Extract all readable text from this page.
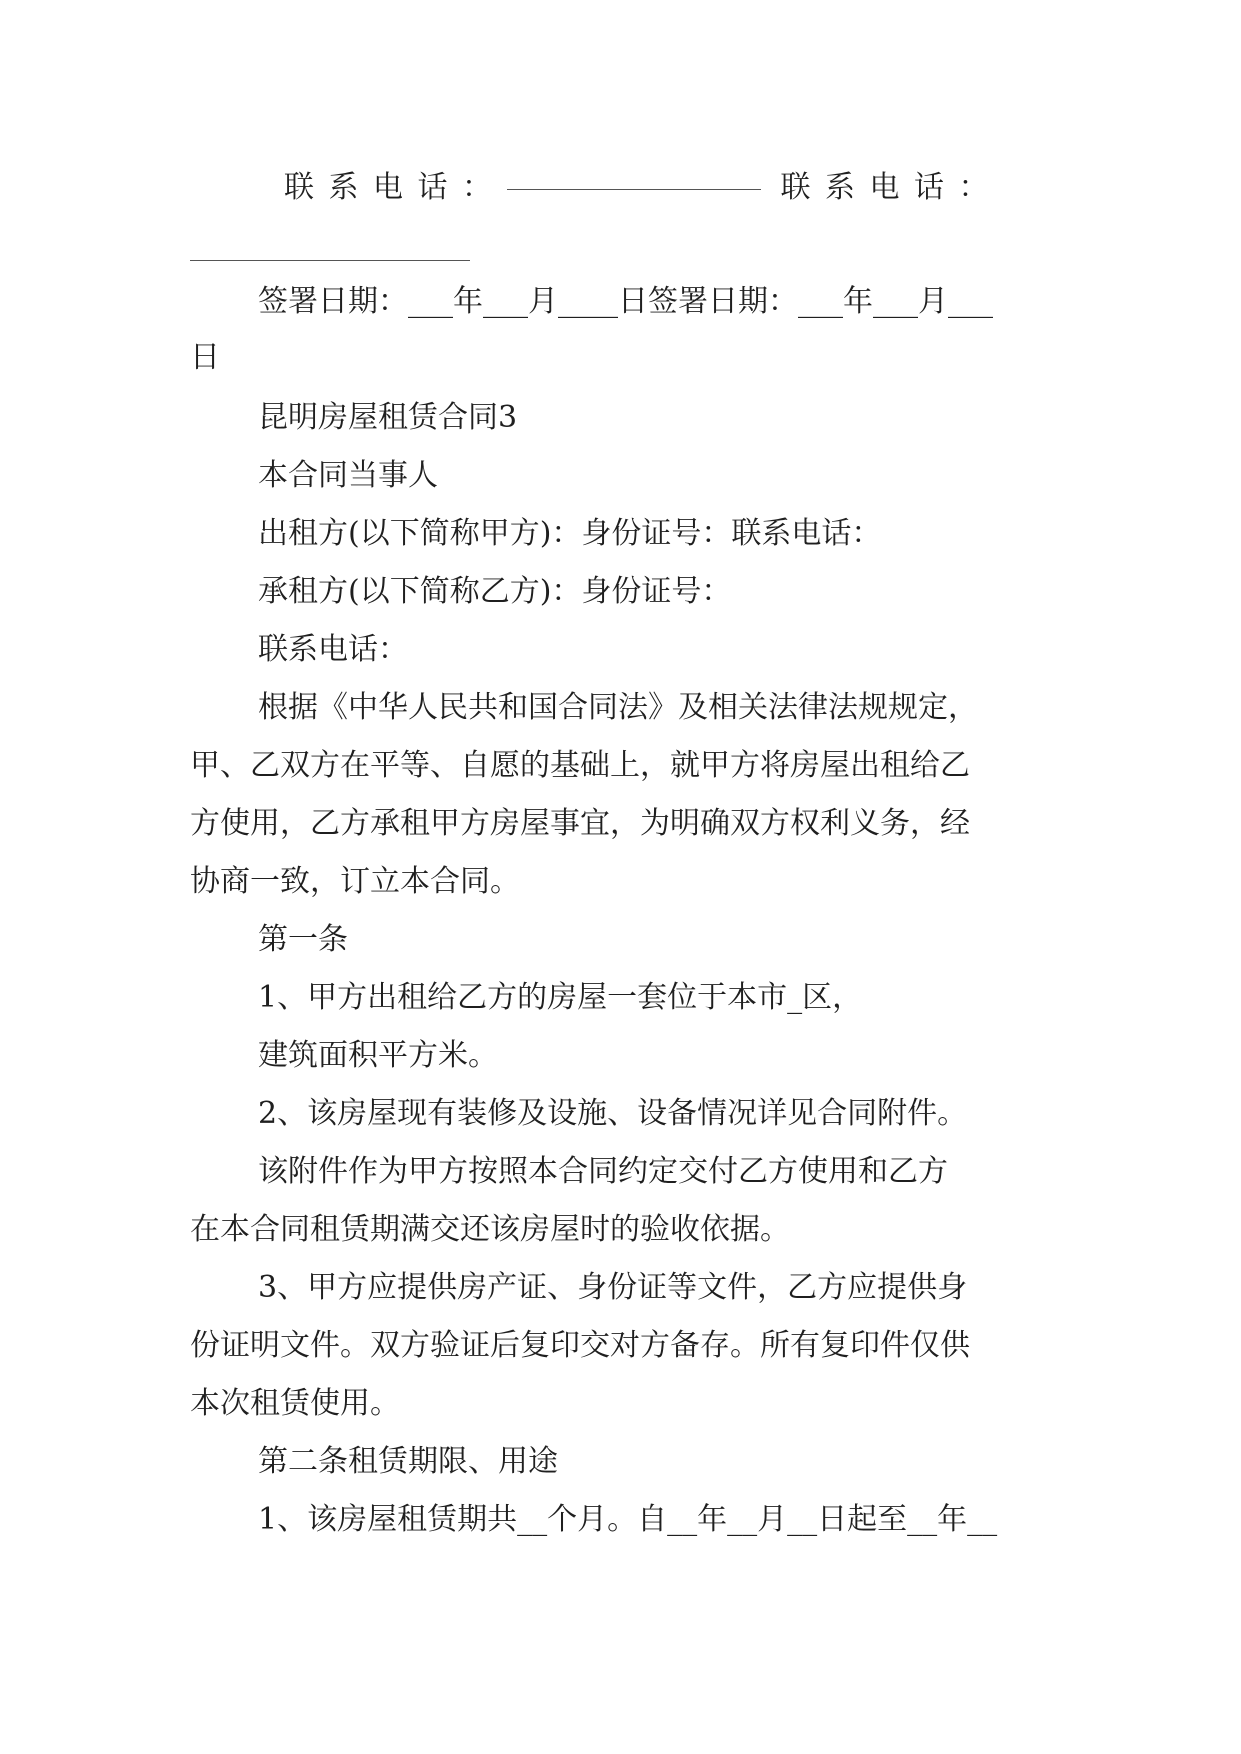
联系电话：	联系电话：
签署日期：___年___月____日签署日期：___年___月___
日
昆明房屋租赁合同3
本合同当事人
出租方(以下简称甲方)：身份证号：联系电话：
承租方(以下简称乙方)：身份证号：
联系电话：
根据《中华人民共和国合同法》及相关法律法规规定，
甲、乙双方在平等、自愿的基础上，就甲方将房屋出租给乙
方使用，乙方承租甲方房屋事宜，为明确双方权利义务，经
协商一致，订立本合同。
第一条
1、甲方出租给乙方的房屋一套位于本市_区，
建筑面积平方米。
2、该房屋现有装修及设施、设备情况详见合同附件。
该附件作为甲方按照本合同约定交付乙方使用和乙方
在本合同租赁期满交还该房屋时的验收依据。
3、甲方应提供房产证、身份证等文件，乙方应提供身
份证明文件。双方验证后复印交对方备存。所有复印件仅供
本次租赁使用。
第二条租赁期限、用途
1、该房屋租赁期共__个月。自__年__月__日起至__年__
